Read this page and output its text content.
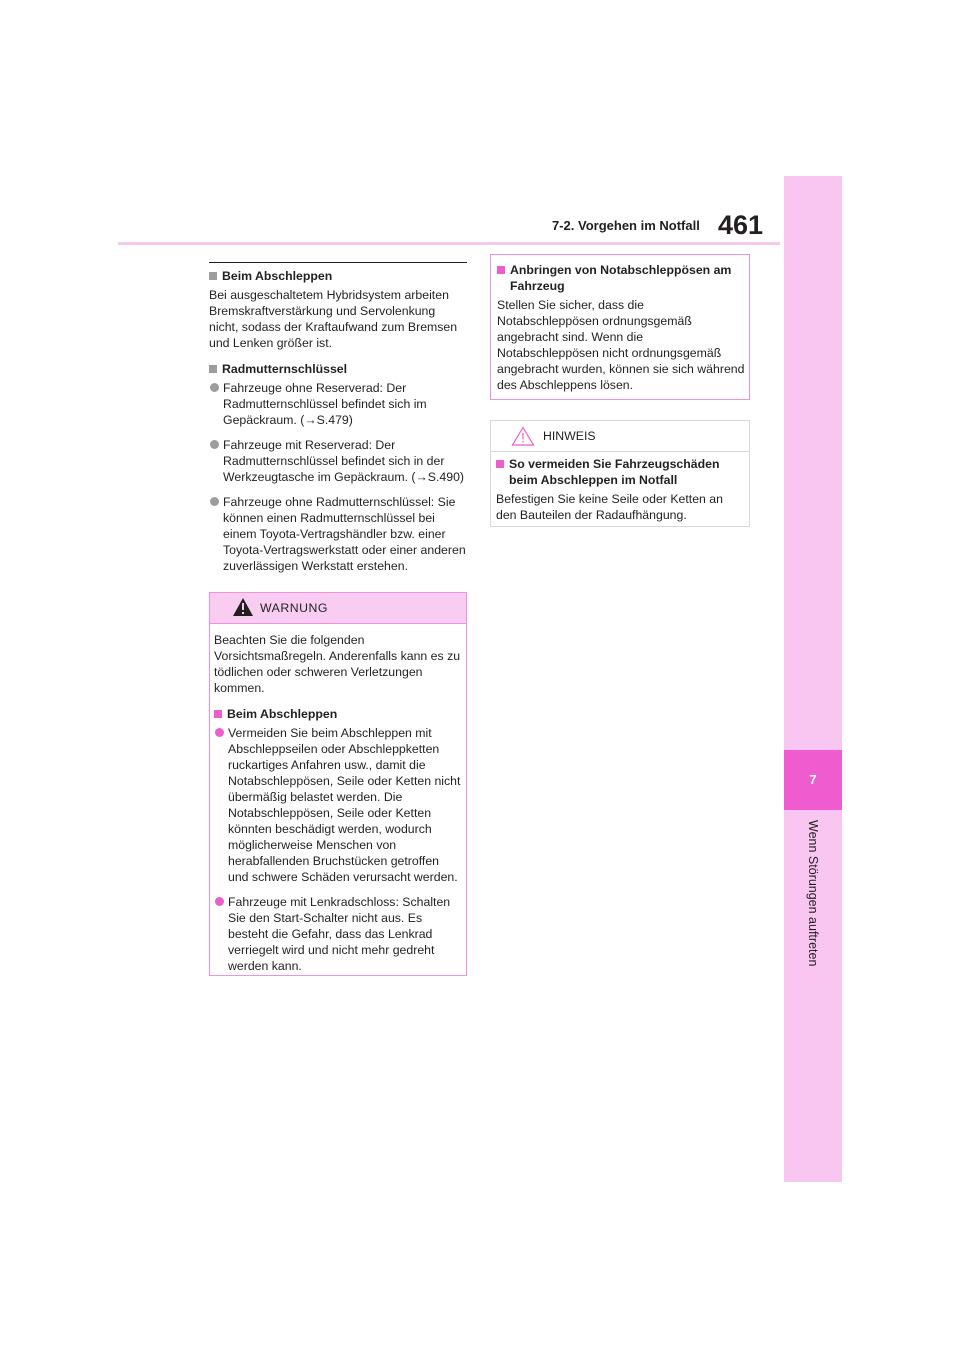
7-2. Vorgehen im Notfall 461
7
Wenn Störungen auftreten
Beim Abschleppen

Bei ausgeschaltetem Hybridsystem arbeiten Bremskraftverstärkung und Servolenkung nicht, sodass der Kraftaufwand zum Bremsen und Lenken größer ist.

Radmutternschlüssel
Fahrzeuge ohne Reserverad: Der Radmutternschlüssel befindet sich im Gepäckraum. (→S.479)
Fahrzeuge mit Reserverad: Der Radmutternschlüssel befindet sich in der Werkzeugtasche im Gepäckraum. (→S.490)
Fahrzeuge ohne Radmutternschlüssel: Sie können einen Radmutternschlüssel bei einem Toyota-Vertragshändler bzw. einer Toyota-Vertragswerkstatt oder einer anderen zuverlässigen Werkstatt erstehen.
WARNUNG

Beachten Sie die folgenden Vorsichtsmaßregeln. Anderenfalls kann es zu tödlichen oder schweren Verletzungen kommen.

Beim Abschleppen
Vermeiden Sie beim Abschleppen mit Abschleppseilen oder Abschleppketten ruckartiges Anfahren usw., damit die Notabschleppösen, Seile oder Ketten nicht übermäßig belastet werden. Die Notabschleppösen, Seile oder Ketten könnten beschädigt werden, wodurch möglicherweise Menschen von herabfallenden Bruchstücken getroffen und schwere Schäden verursacht werden.
Fahrzeuge mit Lenkradschloss: Schalten Sie den Start-Schalter nicht aus. Es besteht die Gefahr, dass das Lenkrad verriegelt wird und nicht mehr gedreht werden kann.
Anbringen von Notabschleppösen am Fahrzeug

Stellen Sie sicher, dass die Notabschleppösen ordnungsgemäß angebracht sind. Wenn die Notabschleppösen nicht ordnungsgemäß angebracht wurden, können sie sich während des Abschleppens lösen.

HINWEIS
So vermeiden Sie Fahrzeugschäden beim Abschleppen im Notfall

Befestigen Sie keine Seile oder Ketten an den Bauteilen der Radaufhängung.
